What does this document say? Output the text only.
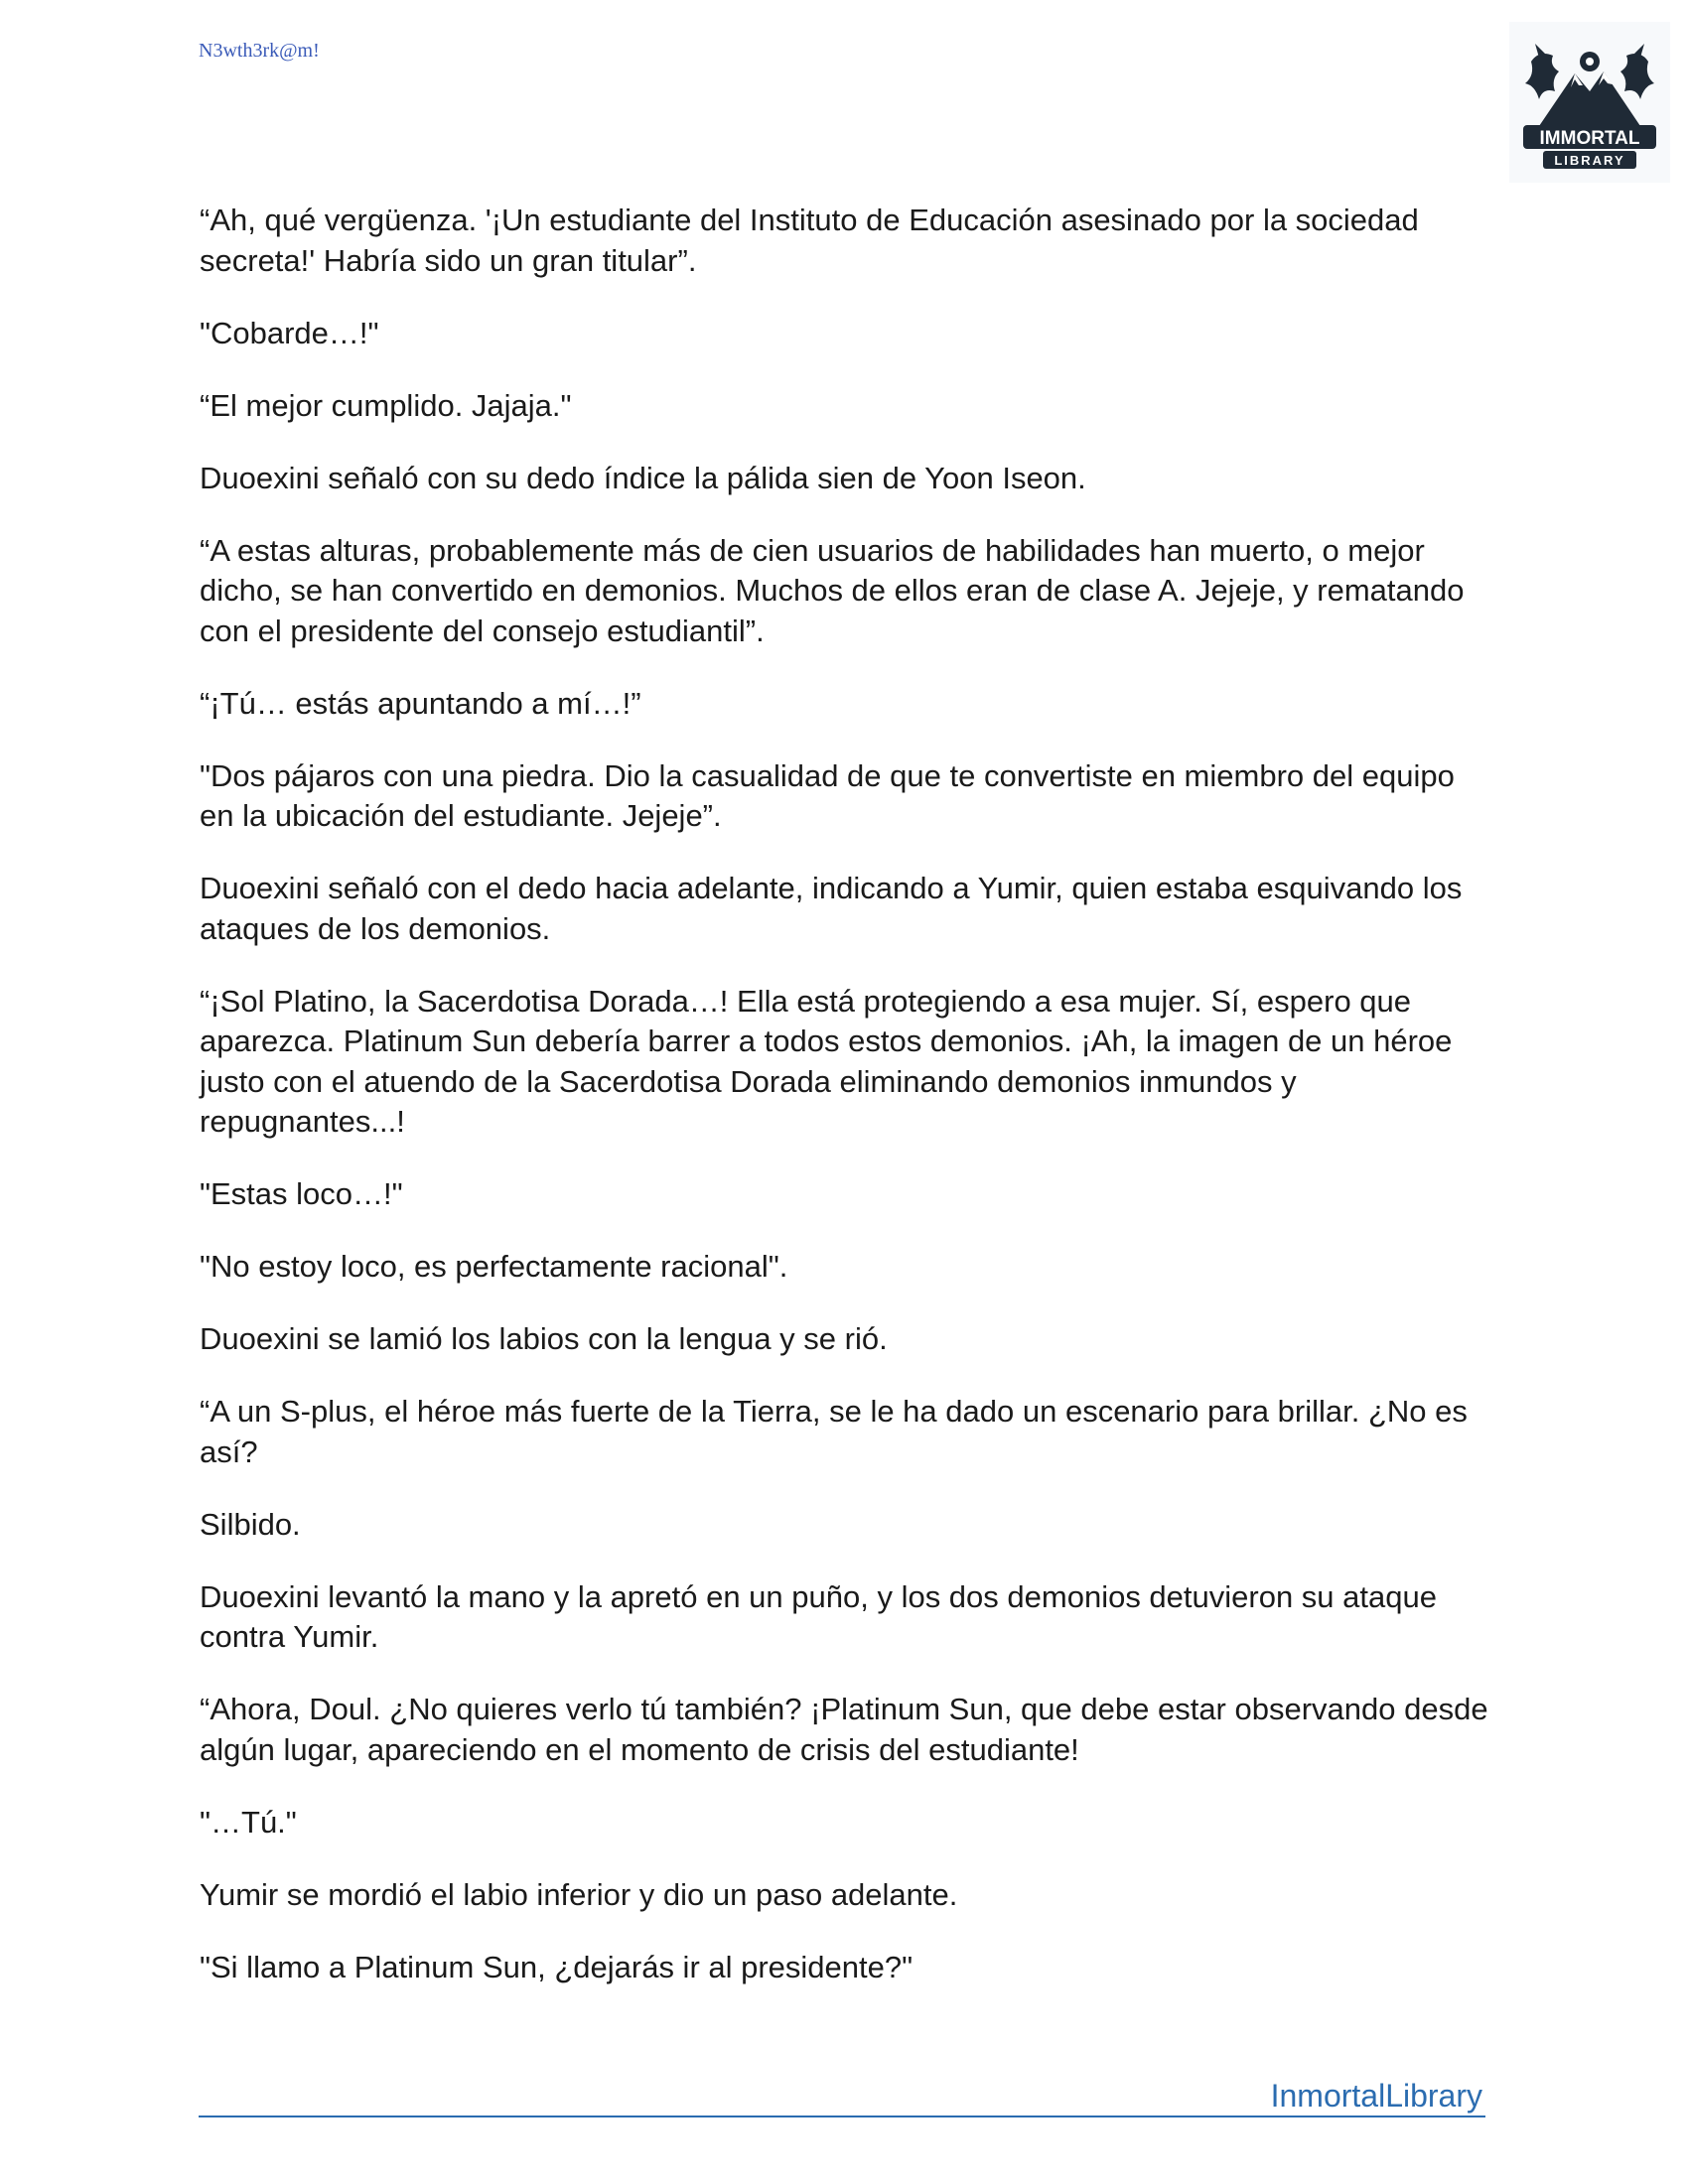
N3wth3rk@m!
IMMORTAL
LIBRARY

“Ah, qué vergüenza. '¡Un estudiante del Instituto de Educación asesinado por la sociedad secreta!' Habría sido un gran titular”.

"Cobarde…!"

“El mejor cumplido. Jajaja."

Duoexini señaló con su dedo índice la pálida sien de Yoon Iseon.

“A estas alturas, probablemente más de cien usuarios de habilidades han muerto, o mejor dicho, se han convertido en demonios. Muchos de ellos eran de clase A. Jejeje, y rematando con el presidente del consejo estudiantil”.

“¡Tú… estás apuntando a mí…!”

"Dos pájaros con una piedra. Dio la casualidad de que te convertiste en miembro del equipo en la ubicación del estudiante. Jejeje”.

Duoexini señaló con el dedo hacia adelante, indicando a Yumir, quien estaba esquivando los ataques de los demonios.

“¡Sol Platino, la Sacerdotisa Dorada…! Ella está protegiendo a esa mujer. Sí, espero que aparezca. Platinum Sun debería barrer a todos estos demonios. ¡Ah, la imagen de un héroe justo con el atuendo de la Sacerdotisa Dorada eliminando demonios inmundos y repugnantes...!

"Estas loco…!"

"No estoy loco, es perfectamente racional".

Duoexini se lamió los labios con la lengua y se rió.

“A un S-plus, el héroe más fuerte de la Tierra, se le ha dado un escenario para brillar. ¿No es así?

Silbido.

Duoexini levantó la mano y la apretó en un puño, y los dos demonios detuvieron su ataque contra Yumir.

“Ahora, Doul. ¿No quieres verlo tú también? ¡Platinum Sun, que debe estar observando desde algún lugar, apareciendo en el momento de crisis del estudiante!

"…Tú."

Yumir se mordió el labio inferior y dio un paso adelante.

"Si llamo a Platinum Sun, ¿dejarás ir al presidente?"

InmortalLibrary
